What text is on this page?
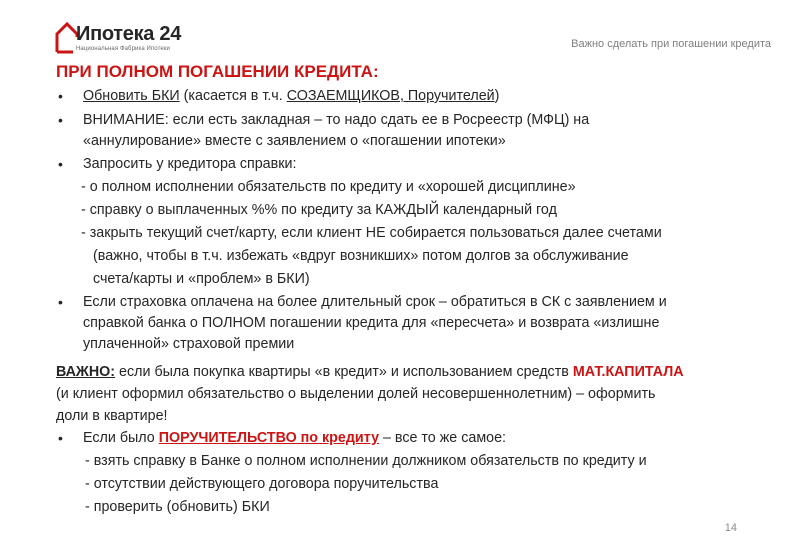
Ипотека 24
Национальная Фабрика Ипотеки	Важно сделать при погашении кредита
ПРИ ПОЛНОМ ПОГАШЕНИИ КРЕДИТА:
• Обновить БКИ (касается в т.ч. СОЗАЕМЩИКОВ, Поручителей)
• ВНИМАНИЕ: если есть закладная – то надо сдать ее в Росреестр (МФЦ) на
«аннулирование» вместе с заявлением о «погашении ипотеки»
• Запросить у кредитора справки:
- о полном исполнении обязательств по кредиту и «хорошей дисциплине»
- справку о выплаченных %% по кредиту за КАЖДЫЙ календарный год
- закрыть текущий счет/карту, если клиент НЕ собирается пользоваться далее счетами
(важно, чтобы в т.ч. избежать «вдруг возникших» потом долгов за обслуживание
счета/карты и «проблем» в БКИ)
• Если страховка оплачена на более длительный срок – обратиться в СК с заявлением и
справкой банка о ПОЛНОМ погашении кредита для «пересчета» и возврата «излишне
уплаченной» страховой премии
ВАЖНО: если была покупка квартиры «в кредит» и использованием средств МАТ.КАПИТАЛА
(и клиент оформил обязательство о выделении долей несовершеннолетним) – оформить
доли в квартире!
• Если было ПОРУЧИТЕЛЬСТВО по кредиту – все то же самое:
- взять справку в Банке о полном исполнении должником обязательств по кредиту и
- отсутствии действующего договора поручительства
- проверить (обновить) БКИ
14
